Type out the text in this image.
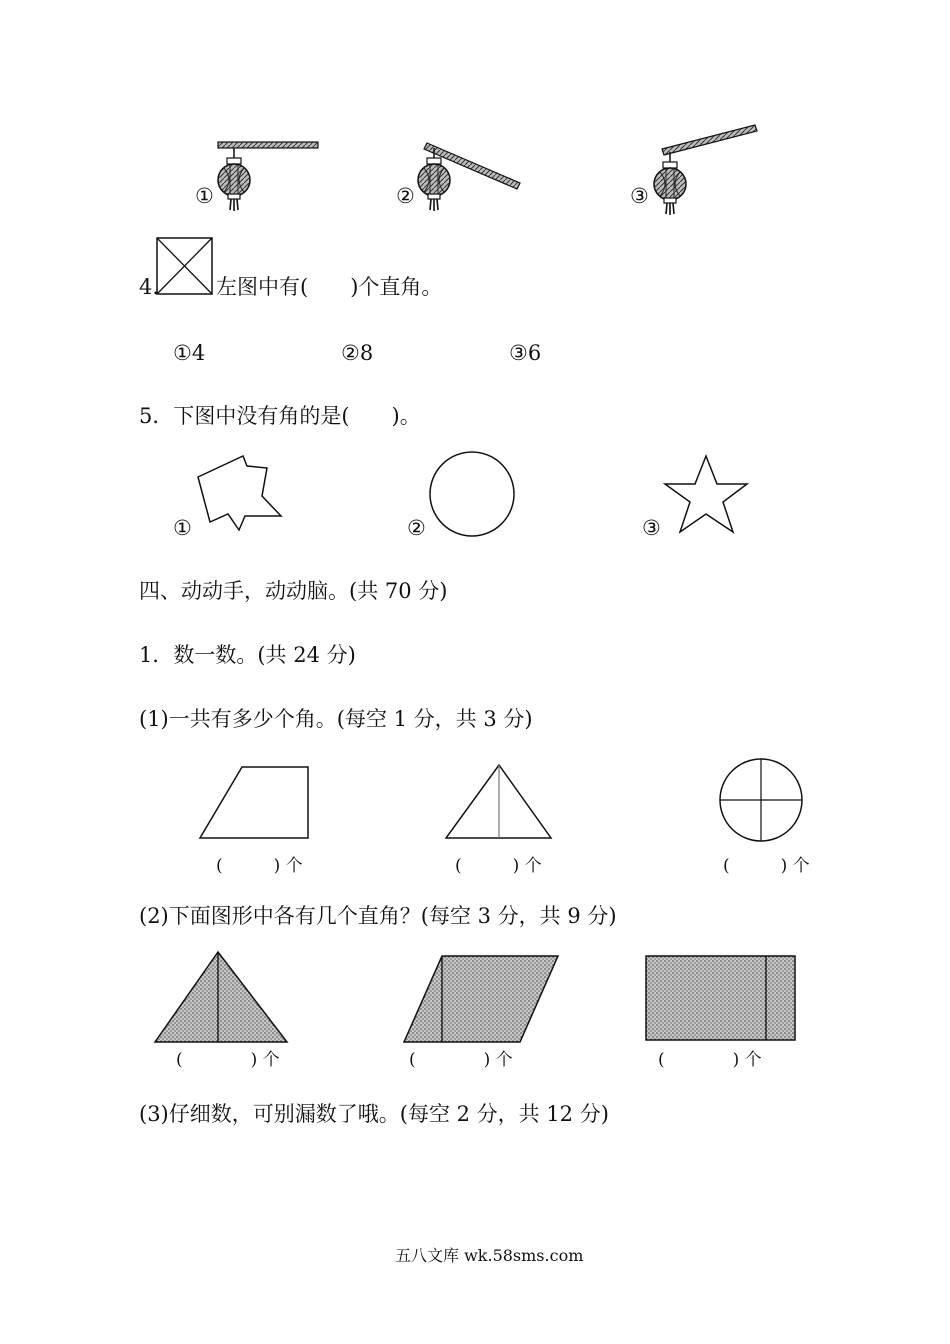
①	②	③
4.	左图中有(　　)个直角。
①4	②8	③6
5．下图中没有角的是(　　)。
①	②	③
四、动动手，动动脑。(共 70 分)
1．数一数。(共 24 分)
(1)一共有多少个角。(每空 1 分，共 3 分)
(　　　) 个	(　　　) 个	(　　　) 个
(2)下面图形中各有几个直角？(每空 3 分，共 9 分)
(　　　　) 个	(　　　　) 个	(　　　　) 个
(3)仔细数，可别漏数了哦。(每空 2 分，共 12 分)
五八文库 wk.58sms.com
